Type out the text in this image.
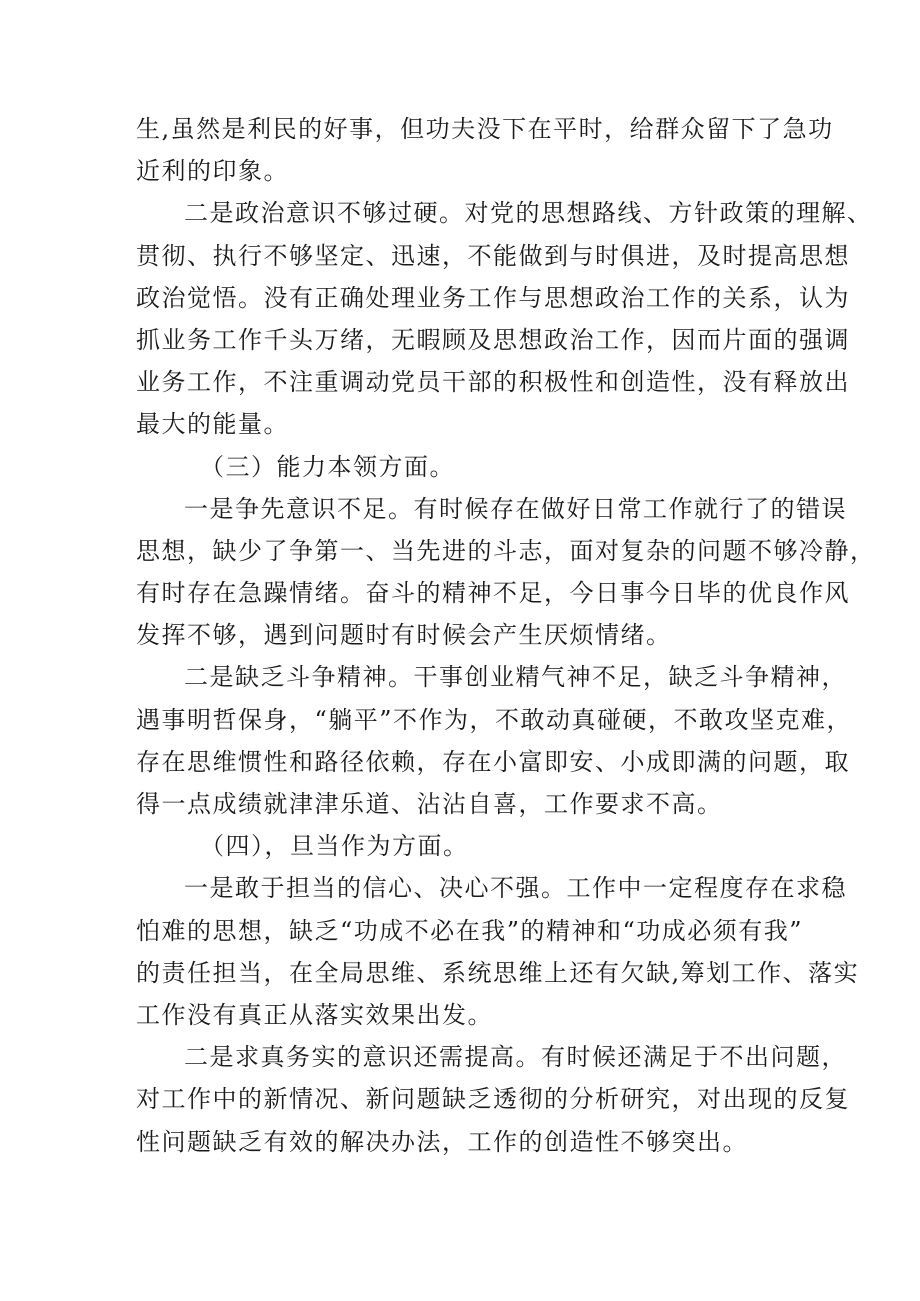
生,虽然是利民的好事，但功夫没下在平时，给群众留下了急功
近利的印象。
二是政治意识不够过硬。对党的思想路线、方针政策的理解、
贯彻、执行不够坚定、迅速，不能做到与时俱进，及时提高思想
政治觉悟。没有正确处理业务工作与思想政治工作的关系，认为
抓业务工作千头万绪，无暇顾及思想政治工作，因而片面的强调
业务工作，不注重调动党员干部的积极性和创造性，没有释放出
最大的能量。
（三）能力本领方面。
一是争先意识不足。有时候存在做好日常工作就行了的错误
思想，缺少了争第一、当先进的斗志，面对复杂的问题不够冷静，
有时存在急躁情绪。奋斗的精神不足，今日事今日毕的优良作风
发挥不够，遇到问题时有时候会产生厌烦情绪。
二是缺乏斗争精神。干事创业精气神不足，缺乏斗争精神，
遇事明哲保身，“躺平”不作为，不敢动真碰硬，不敢攻坚克难，
存在思维惯性和路径依赖，存在小富即安、小成即满的问题，取
得一点成绩就津津乐道、沾沾自喜，工作要求不高。
（四），旦当作为方面。
一是敢于担当的信心、决心不强。工作中一定程度存在求稳
怕难的思想，缺乏“功成不必在我”的精神和“功成必须有我”
的责任担当，在全局思维、系统思维上还有欠缺,筹划工作、落实
工作没有真正从落实效果出发。
二是求真务实的意识还需提高。有时候还满足于不出问题，
对工作中的新情况、新问题缺乏透彻的分析研究，对出现的反复
性问题缺乏有效的解决办法，工作的创造性不够突出。
